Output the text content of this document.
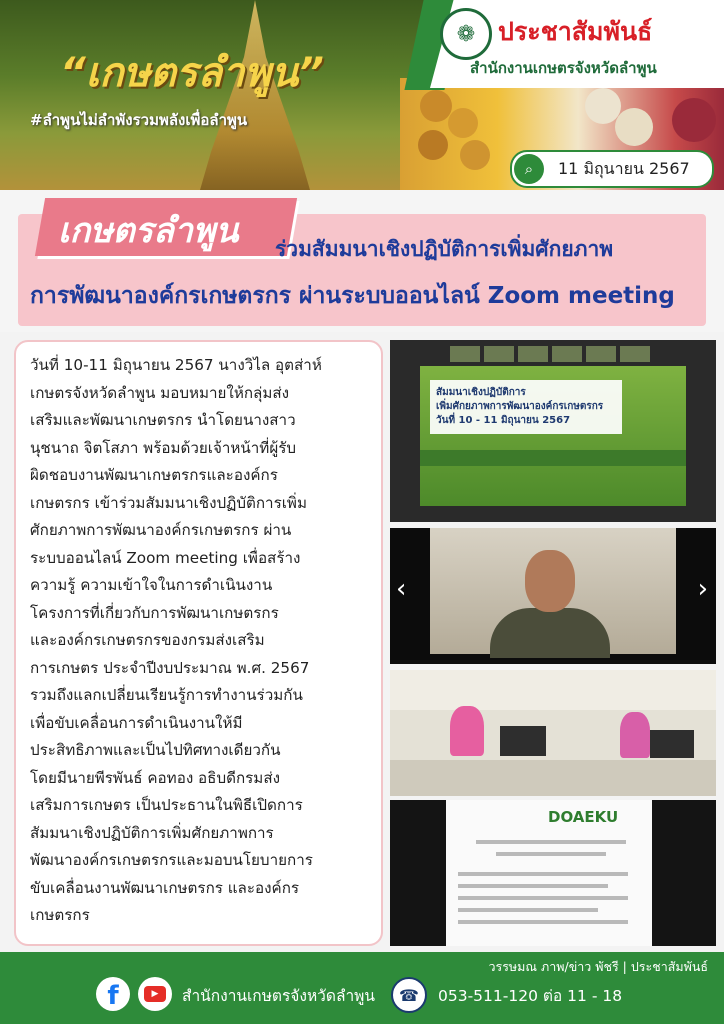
❁ ประชาสัมพันธ์
สำนักงานเกษตรจังหวัดลำพูน
“เกษตรลำพูน”
#ลำพูนไม่ลำพังรวมพลังเพื่อลำพูน
⌕	11 มิถุนายน 2567
เกษตรลำพูน ร่วมสัมมนาเชิงปฏิบัติการเพิ่มศักยภาพ
การพัฒนาองค์กรเกษตรกร ผ่านระบบออนไลน์ Zoom meeting
วันที่ 10-11 มิถุนายน 2567 นางวิไล อุตส่าห์
เกษตรจังหวัดลำพูน มอบหมายให้กลุ่มส่ง
เสริมและพัฒนาเกษตรกร นำโดยนางสาว
นุชนาถ จิตโสภา พร้อมด้วยเจ้าหน้าที่ผู้รับ
ผิดชอบงานพัฒนาเกษตรกรและองค์กร
เกษตรกร เข้าร่วมสัมมนาเชิงปฏิบัติการเพิ่ม
ศักยภาพการพัฒนาองค์กรเกษตรกร ผ่าน
ระบบออนไลน์ Zoom meeting เพื่อสร้าง
ความรู้ ความเข้าใจในการดำเนินงาน
โครงการที่เกี่ยวกับการพัฒนาเกษตรกร
และองค์กรเกษตรกรของกรมส่งเสริม
การเกษตร ประจำปีงบประมาณ พ.ศ. 2567
รวมถึงแลกเปลี่ยนเรียนรู้การทำงานร่วมกัน
เพื่อขับเคลื่อนการดำเนินงานให้มี
ประสิทธิภาพและเป็นไปทิศทางเดียวกัน
โดยมีนายพีรพันธ์ คอทอง อธิบดีกรมส่ง
เสริมการเกษตร เป็นประธานในพิธีเปิดการ
สัมมนาเชิงปฏิบัติการเพิ่มศักยภาพการ
พัฒนาองค์กรเกษตรกรและมอบนโยบายการ
ขับเคลื่อนงานพัฒนาเกษตรกร และองค์กร
เกษตรกร
สัมมนาเชิงปฏิบัติการ
เพิ่มศักยภาพการพัฒนาองค์กรเกษตรกร
วันที่ 10 - 11 มิถุนายน 2567
‹	›
DOAEKU
วรรษมณ ภาพ/ข่าว พัชรี | ประชาสัมพันธ์
f	▶	สำนักงานเกษตรจังหวัดลำพูน	☎	053-511-120 ต่อ 11 - 18
